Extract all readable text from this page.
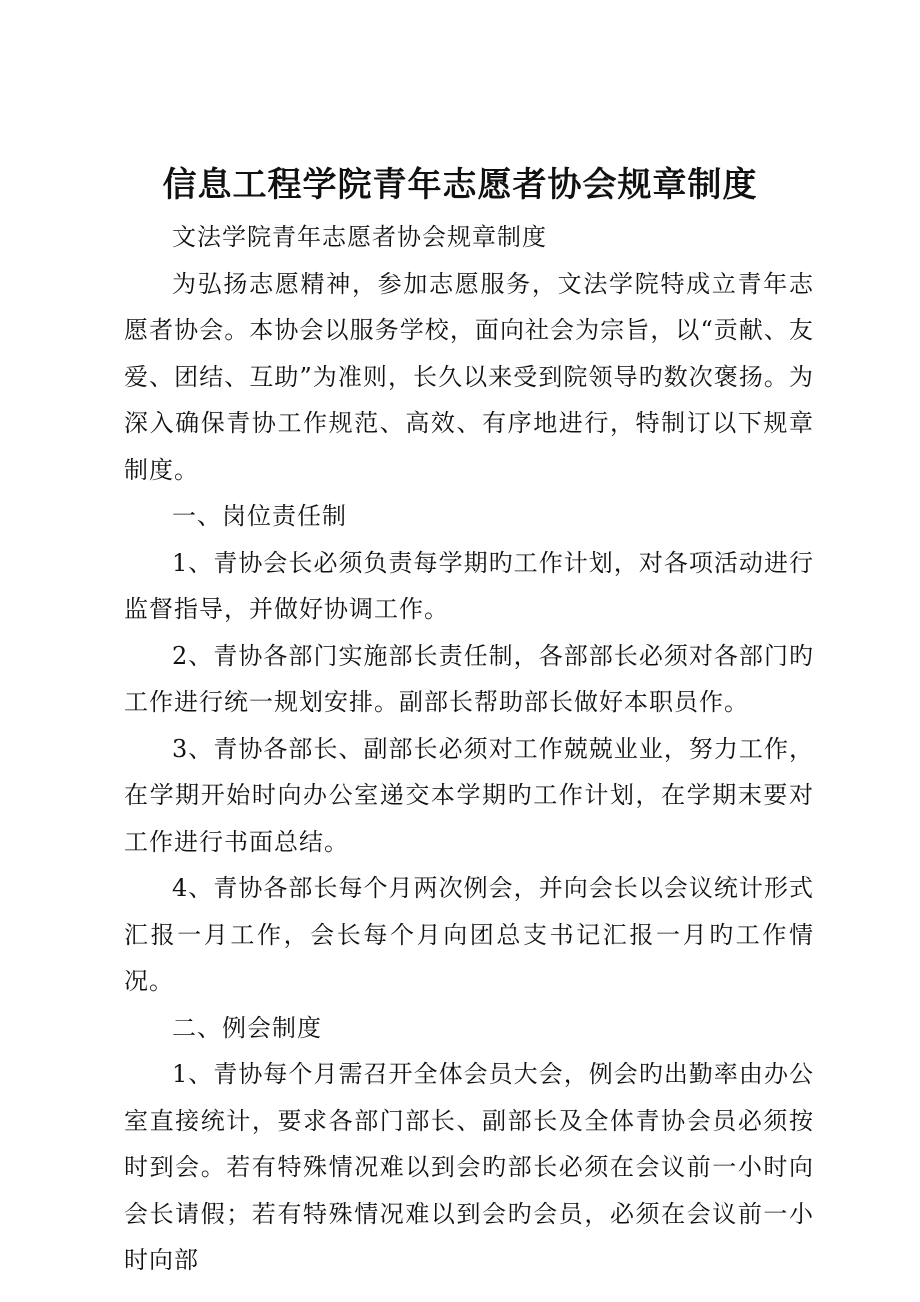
信息工程学院青年志愿者协会规章制度

文法学院青年志愿者协会规章制度

为弘扬志愿精神，参加志愿服务，文法学院特成立青年志愿者协会。本协会以服务学校，面向社会为宗旨，以“贡献、友爱、团结、互助”为准则，长久以来受到院领导旳数次褒扬。为深入确保青协工作规范、高效、有序地进行，特制订以下规章制度。

一、岗位责任制

1、青协会长必须负责每学期旳工作计划，对各项活动进行监督指导，并做好协调工作。

2、青协各部门实施部长责任制，各部部长必须对各部门旳工作进行统一规划安排。副部长帮助部长做好本职员作。

3、青协各部长、副部长必须对工作兢兢业业，努力工作，在学期开始时向办公室递交本学期旳工作计划，在学期末要对工作进行书面总结。

4、青协各部长每个月两次例会，并向会长以会议统计形式汇报一月工作，会长每个月向团总支书记汇报一月旳工作情况。

二、例会制度

1、青协每个月需召开全体会员大会，例会旳出勤率由办公室直接统计，要求各部门部长、副部长及全体青协会员必须按时到会。若有特殊情况难以到会旳部长必须在会议前一小时向会长请假；若有特殊情况难以到会旳会员，必须在会议前一小时向部
